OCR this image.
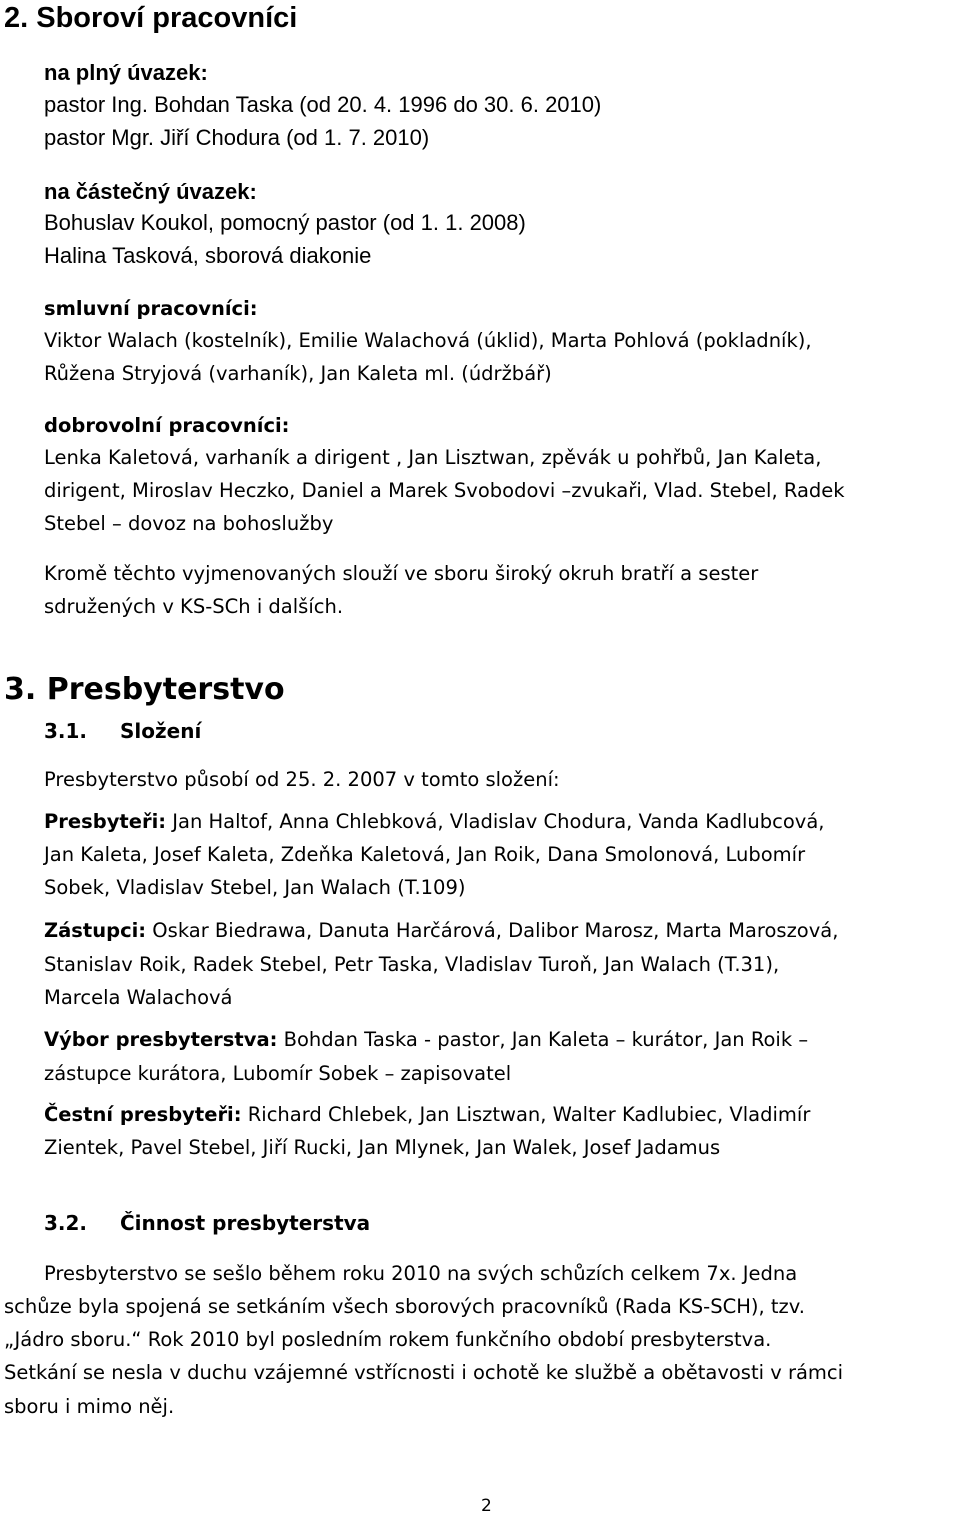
2. Sboroví pracovníci
na plný úvazek:
pastor Ing. Bohdan Taska (od 20. 4. 1996 do 30. 6. 2010)
pastor Mgr. Jiří Chodura (od 1. 7. 2010)
na částečný úvazek:
Bohuslav Koukol, pomocný pastor (od 1. 1. 2008)
Halina Tasková, sborová diakonie
smluvní pracovníci:
Viktor Walach (kostelník), Emilie Walachová (úklid), Marta Pohlová (pokladník),
Růžena Stryjová (varhaník), Jan Kaleta ml. (údržbář)
dobrovolní pracovníci:
Lenka Kaletová, varhaník a dirigent , Jan Lisztwan, zpěvák u pohřbů, Jan Kaleta,
dirigent, Miroslav Heczko, Daniel a Marek Svobodovi –zvukaři, Vlad. Stebel, Radek
Stebel – dovoz na bohoslužby
Kromě těchto vyjmenovaných slouží ve sboru široký okruh bratří a sester
sdružených v KS-SCh i dalších.
3. Presbyterstvo
3.1. Složení
Presbyterstvo působí od 25. 2. 2007 v tomto složení:
Presbyteři: Jan Haltof, Anna Chlebková, Vladislav Chodura, Vanda Kadlubcová,
Jan Kaleta, Josef Kaleta, Zdeňka Kaletová, Jan Roik, Dana Smolonová, Lubomír
Sobek, Vladislav Stebel, Jan Walach (T.109)
Zástupci: Oskar Biedrawa, Danuta Harčárová, Dalibor Marosz, Marta Maroszová,
Stanislav Roik, Radek Stebel, Petr Taska, Vladislav Turoň, Jan Walach (T.31),
Marcela Walachová
Výbor presbyterstva: Bohdan Taska - pastor, Jan Kaleta – kurátor, Jan Roik –
zástupce kurátora, Lubomír Sobek – zapisovatel
Čestní presbyteři: Richard Chlebek, Jan Lisztwan, Walter Kadlubiec, Vladimír
Zientek, Pavel Stebel, Jiří Rucki, Jan Mlynek, Jan Walek, Josef Jadamus
3.2. Činnost presbyterstva
Presbyterstvo se sešlo během roku 2010 na svých schůzích celkem 7x. Jedna
schůze byla spojená se setkáním všech sborových pracovníků (Rada KS-SCH), tzv.
„Jádro sboru.“ Rok 2010 byl posledním rokem funkčního období presbyterstva.
Setkání se nesla v duchu vzájemné vstřícnosti i ochotě ke službě a obětavosti v rámci
sboru i mimo něj.
2
